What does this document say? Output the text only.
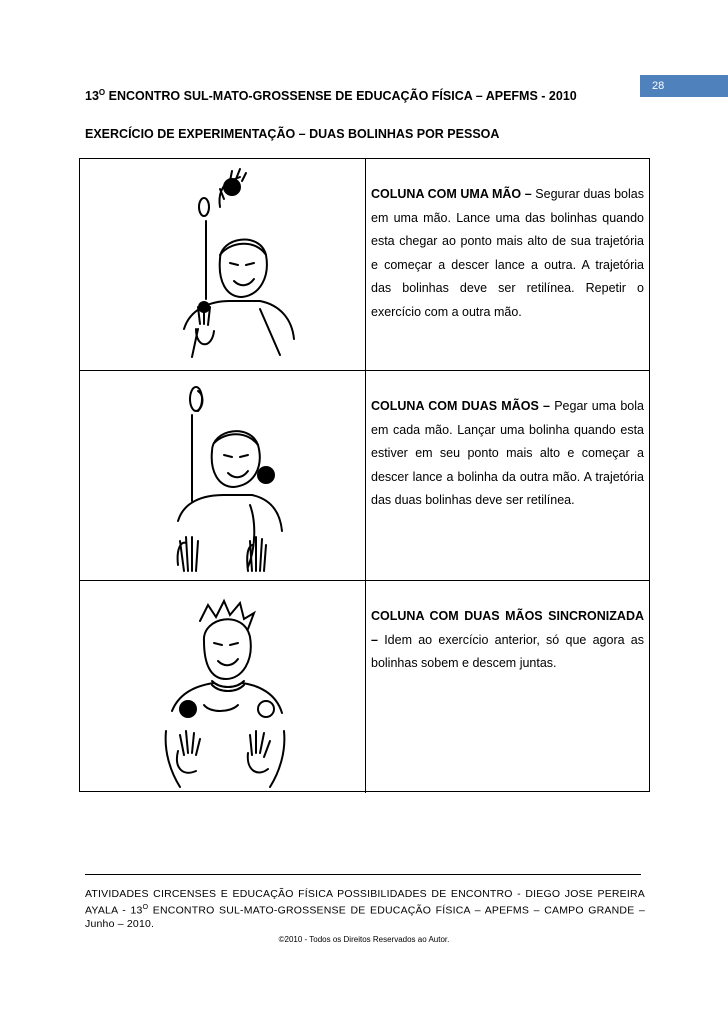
28
$13^O$ ENCONTRO SUL-MATO-GROSSENSE DE EDUCAÇÃO FÍSICA – APEFMS - 2010
EXERCÍCIO DE EXPERIMENTAÇÃO – DUAS BOLINHAS POR PESSOA
COLUNA COM UMA MÃO – Segurar duas bolas em uma mão. Lance uma das bolinhas quando esta chegar ao ponto mais alto de sua trajetória e começar a descer lance a outra. A trajetória das bolinhas deve ser retilínea. Repetir o exercício com a outra mão.
COLUNA COM DUAS MÃOS – Pegar uma bola em cada mão. Lançar uma bolinha quando esta estiver em seu ponto mais alto e começar a descer lance a bolinha da outra mão. A trajetória das duas bolinhas deve ser retilínea.
COLUNA COM DUAS MÃOS SINCRONIZADA – Idem ao exercício anterior, só que agora as bolinhas sobem e descem juntas.
ATIVIDADES CIRCENSES E EDUCAÇÃO FÍSICA POSSIBILIDADES DE ENCONTRO - DIEGO JOSE PEREIRA AYALA - $13^O$ ENCONTRO SUL-MATO-GROSSENSE DE EDUCAÇÃO FÍSICA – APEFMS – CAMPO GRANDE – Junho – 2010.
©2010 - Todos os Direitos Reservados ao Autor.
